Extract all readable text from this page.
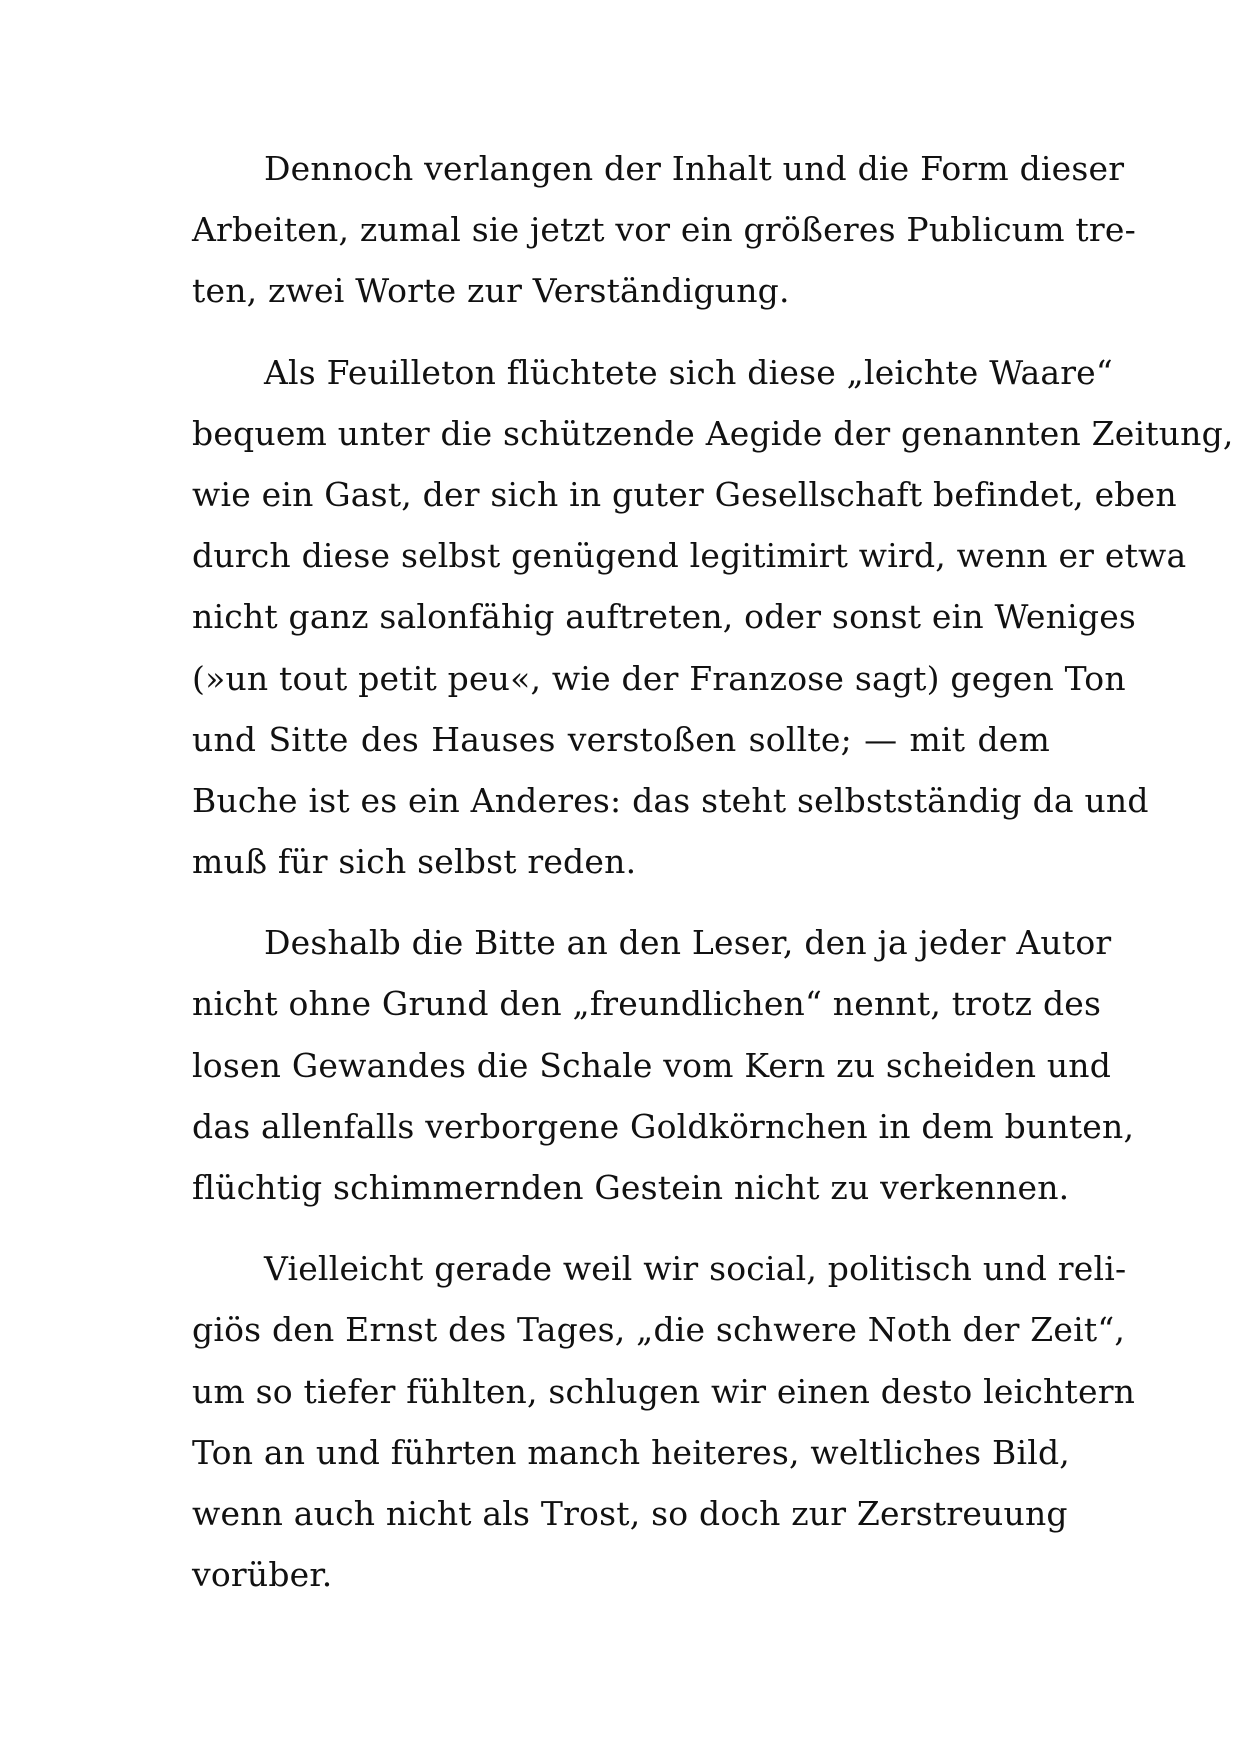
Dennoch verlangen der Inhalt und die Form dieser
Arbeiten, zumal sie jetzt vor ein größeres Publicum tre-
ten, zwei Worte zur Verständigung.

Als Feuilleton flüchtete sich diese „leichte Waare“
bequem unter die schützende Aegide der genannten Zeitung,
wie ein Gast, der sich in guter Gesellschaft befindet, eben
durch diese selbst genügend legitimirt wird, wenn er etwa
nicht ganz salonfähig auftreten, oder sonst ein Weniges
(»un tout petit peu«, wie der Franzose sagt) gegen Ton
und Sitte des Hauses verstoßen sollte; — mit dem
Buche ist es ein Anderes: das steht selbstständig da und
muß für sich selbst reden.

Deshalb die Bitte an den Leser, den ja jeder Autor
nicht ohne Grund den „freundlichen“ nennt, trotz des
losen Gewandes die Schale vom Kern zu scheiden und
das allenfalls verborgene Goldkörnchen in dem bunten,
flüchtig schimmernden Gestein nicht zu verkennen.

Vielleicht gerade weil wir social, politisch und reli-
giös den Ernst des Tages, „die schwere Noth der Zeit“,
um so tiefer fühlten, schlugen wir einen desto leichtern
Ton an und führten manch heiteres, weltliches Bild,
wenn auch nicht als Trost, so doch zur Zerstreuung
vorüber.
